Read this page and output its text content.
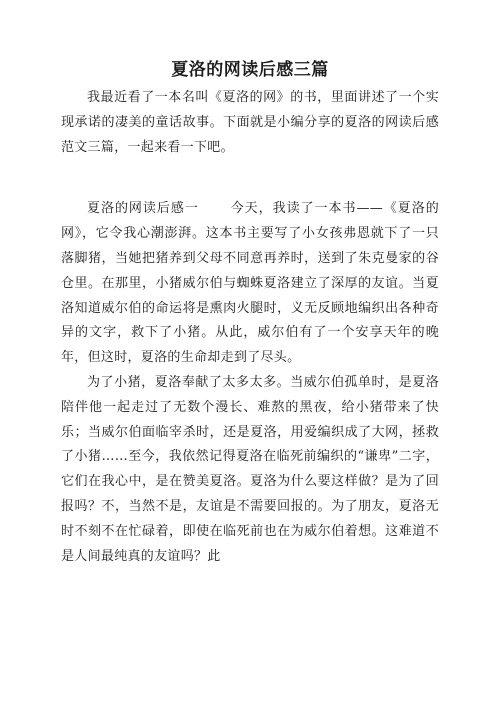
夏洛的网读后感三篇

我最近看了一本名叫《夏洛的网》的书，里面讲述了一个实现承诺的凄美的童话故事。下面就是小编分享的夏洛的网读后感范文三篇，一起来看一下吧。

夏洛的网读后感一 今天，我读了一本书——《夏洛的网》，它令我心潮澎湃。这本书主要写了小女孩弗恩就下了一只落脚猪，当她把猪养到父母不同意再养时，送到了朱克曼家的谷仓里。在那里，小猪威尔伯与蜘蛛夏洛建立了深厚的友谊。当夏洛知道威尔伯的命运将是熏肉火腿时，义无反顾地编织出各种奇异的文字，救下了小猪。从此，威尔伯有了一个安享天年的晚年，但这时，夏洛的生命却走到了尽头。

为了小猪，夏洛奉献了太多太多。当威尔伯孤单时，是夏洛陪伴他一起走过了无数个漫长、难熬的黑夜，给小猪带来了快乐；当威尔伯面临宰杀时，还是夏洛，用爱编织成了大网，拯救了小猪……至今，我依然记得夏洛在临死前编织的“谦卑”二字，它们在我心中，是在赞美夏洛。夏洛为什么要这样做？是为了回报吗？不，当然不是，友谊是不需要回报的。为了朋友，夏洛无时不刻不在忙碌着，即使在临死前也在为威尔伯着想。这难道不是人间最纯真的友谊吗？此
